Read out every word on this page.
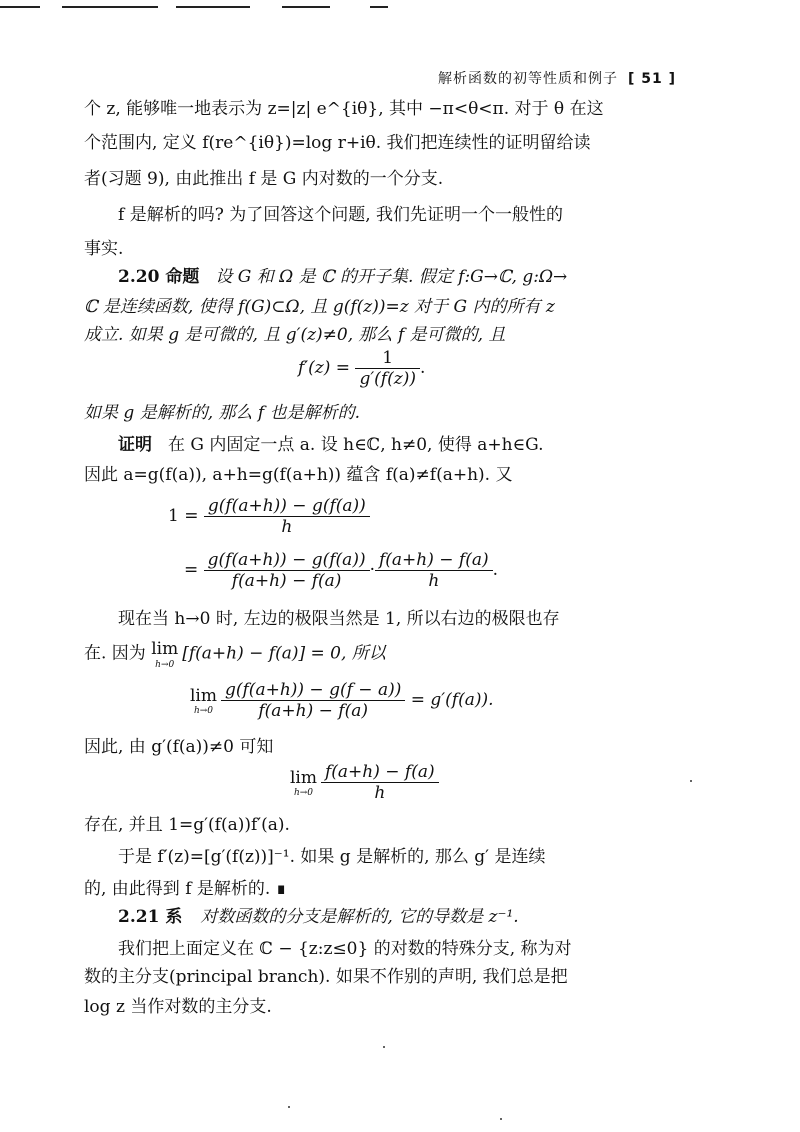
解析函数的初等性质和例子 [ 51 ]
个 z, 能够唯一地表示为 z=|z| e^{iθ}, 其中 −π<θ<π. 对于 θ 在这
个范围内, 定义 f(re^{iθ})=log r+iθ. 我们把连续性的证明留给读
者(习题 9), 由此推出 f 是 G 内对数的一个分支.
f 是解析的吗? 为了回答这个问题, 我们先证明一个一般性的
事实.
2.20 命题 设 G 和 Ω 是 ℂ 的开子集. 假定 f:G→ℂ, g:Ω→
ℂ 是连续函数, 使得 f(G)⊂Ω, 且 g(f(z))=z 对于 G 内的所有 z
成立. 如果 g 是可微的, 且 g′(z)≠0, 那么 f 是可微的, 且
$f'(z) = \frac{1}{g'(f(z))}$ .
如果 g 是解析的, 那么 f 也是解析的.
证明 在 G 内固定一点 a. 设 h∈ℂ, h≠0, 使得 a+h∈G.
因此 a=g(f(a)), a+h=g(f(a+h)) 蕴含 f(a)≠f(a+h). 又
$1 = \frac{g(f(a+h)) - g(f(a))}{h}$
= $\frac{g(f(a+h)) - g(f(a))}{f(a+h) - f(a)} \cdot \frac{f(a+h) - f(a)}{h}$ .
现在当 h→0 时, 左边的极限当然是 1, 所以右边的极限也存
在. 因为 lim
h→0
[f(a+h) − f(a)] = 0, 所以
lim
$h\to 0 \frac{g(f(a+h)) - g(f - a))}{f(a+h) - f(a)} = g'(f(a))$.
因此, 由 g′(f(a))≠0 可知
lim
$h\to 0 \frac{f(a+h) - f(a)}{h}$
存在, 并且 1=g′(f(a))f′(a).
于是 f′(z)=[g′(f(z))]⁻¹. 如果 g 是解析的, 那么 g′ 是连续
的, 由此得到 f 是解析的. ∎
2.21 系 对数函数的分支是解析的, 它的导数是 z⁻¹.
我们把上面定义在 ℂ − {z:z≤0} 的对数的特殊分支, 称为对
数的主分支(principal branch). 如果不作别的声明, 我们总是把
log z 当作对数的主分支.
